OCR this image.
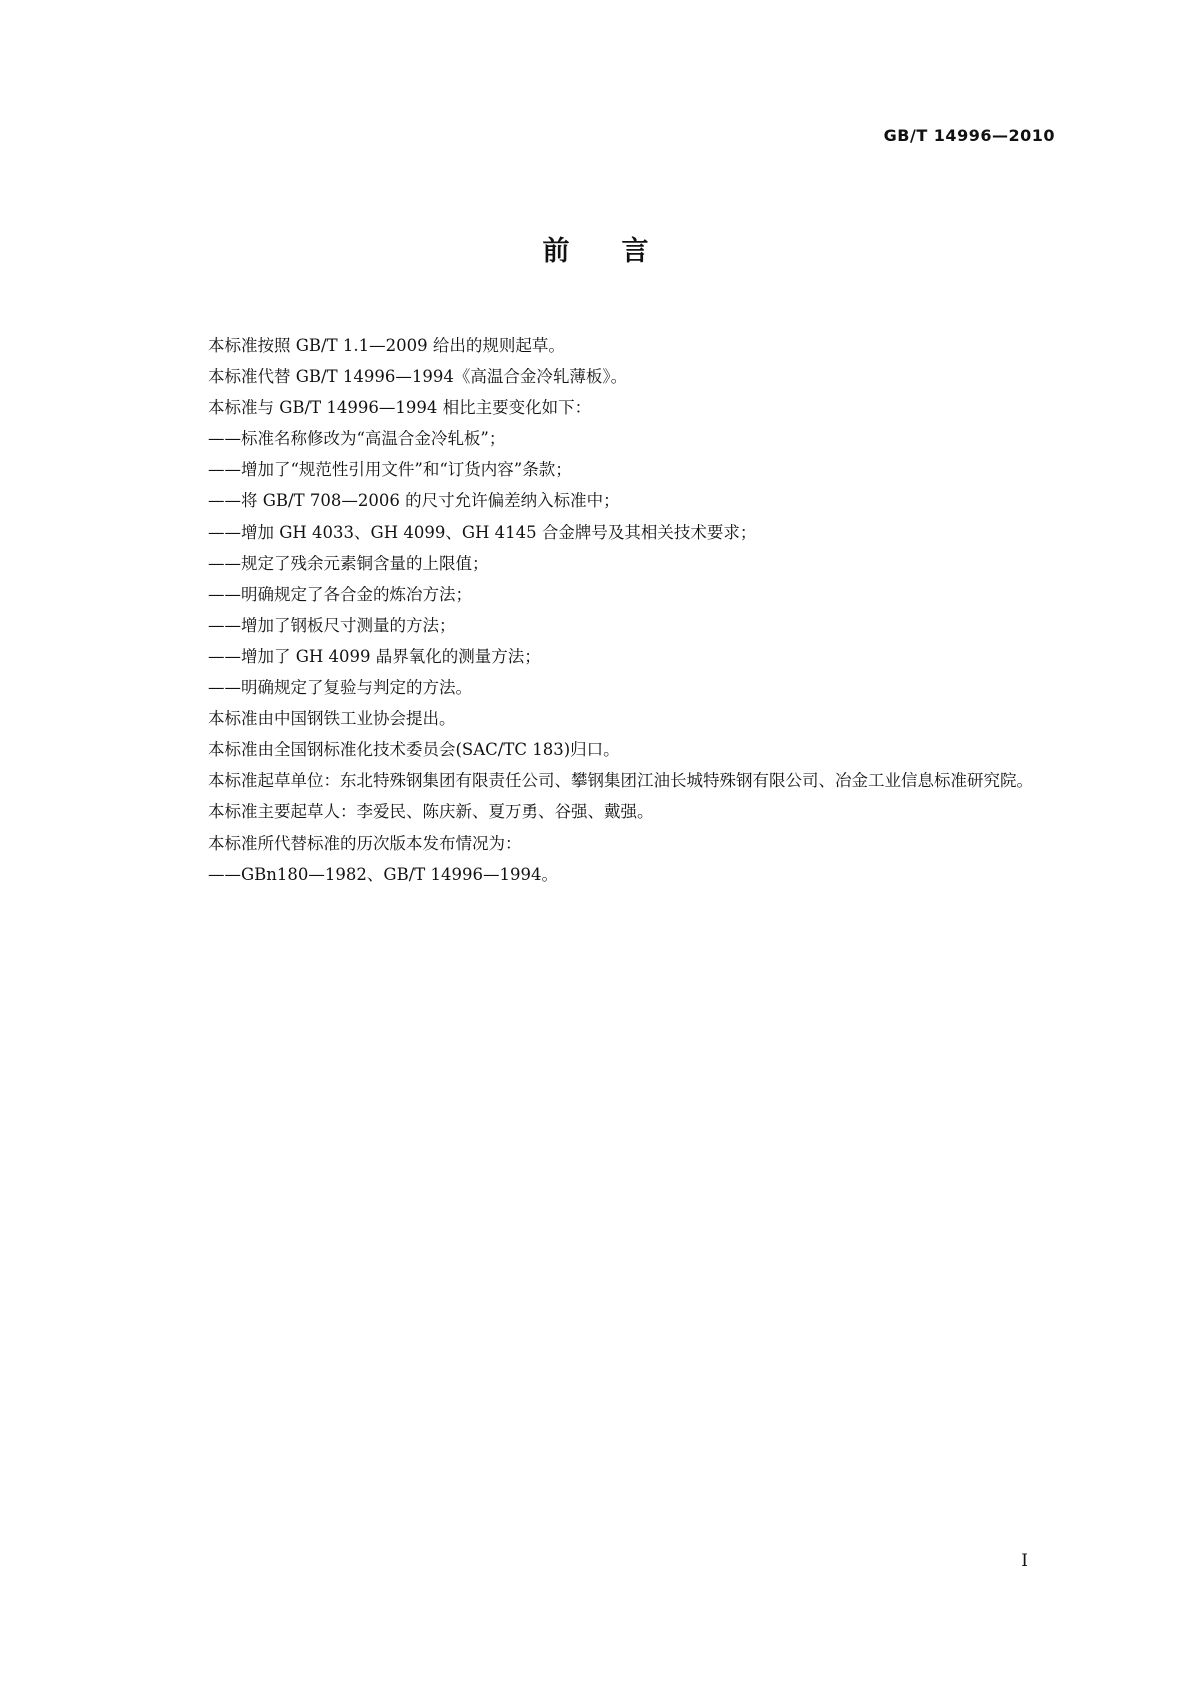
GB/T 14996—2010
前言

本标准按照 GB/T 1.1—2009 给出的规则起草。

本标准代替 GB/T 14996—1994《高温合金冷轧薄板》。

本标准与 GB/T 14996—1994 相比主要变化如下：

——标准名称修改为“高温合金冷轧板”；

——增加了“规范性引用文件”和“订货内容”条款；

——将 GB/T 708—2006 的尺寸允许偏差纳入标准中；

——增加 GH 4033、GH 4099、GH 4145 合金牌号及其相关技术要求；

——规定了残余元素铜含量的上限值；

——明确规定了各合金的炼冶方法；

——增加了钢板尺寸测量的方法；

——增加了 GH 4099 晶界氧化的测量方法；

——明确规定了复验与判定的方法。

本标准由中国钢铁工业协会提出。

本标准由全国钢标准化技术委员会(SAC/TC 183)归口。

本标准起草单位：东北特殊钢集团有限责任公司、攀钢集团江油长城特殊钢有限公司、冶金工业信息标准研究院。

本标准主要起草人：李爱民、陈庆新、夏万勇、谷强、戴强。

本标准所代替标准的历次版本发布情况为：

——GBn180—1982、GB/T 14996—1994。

I
